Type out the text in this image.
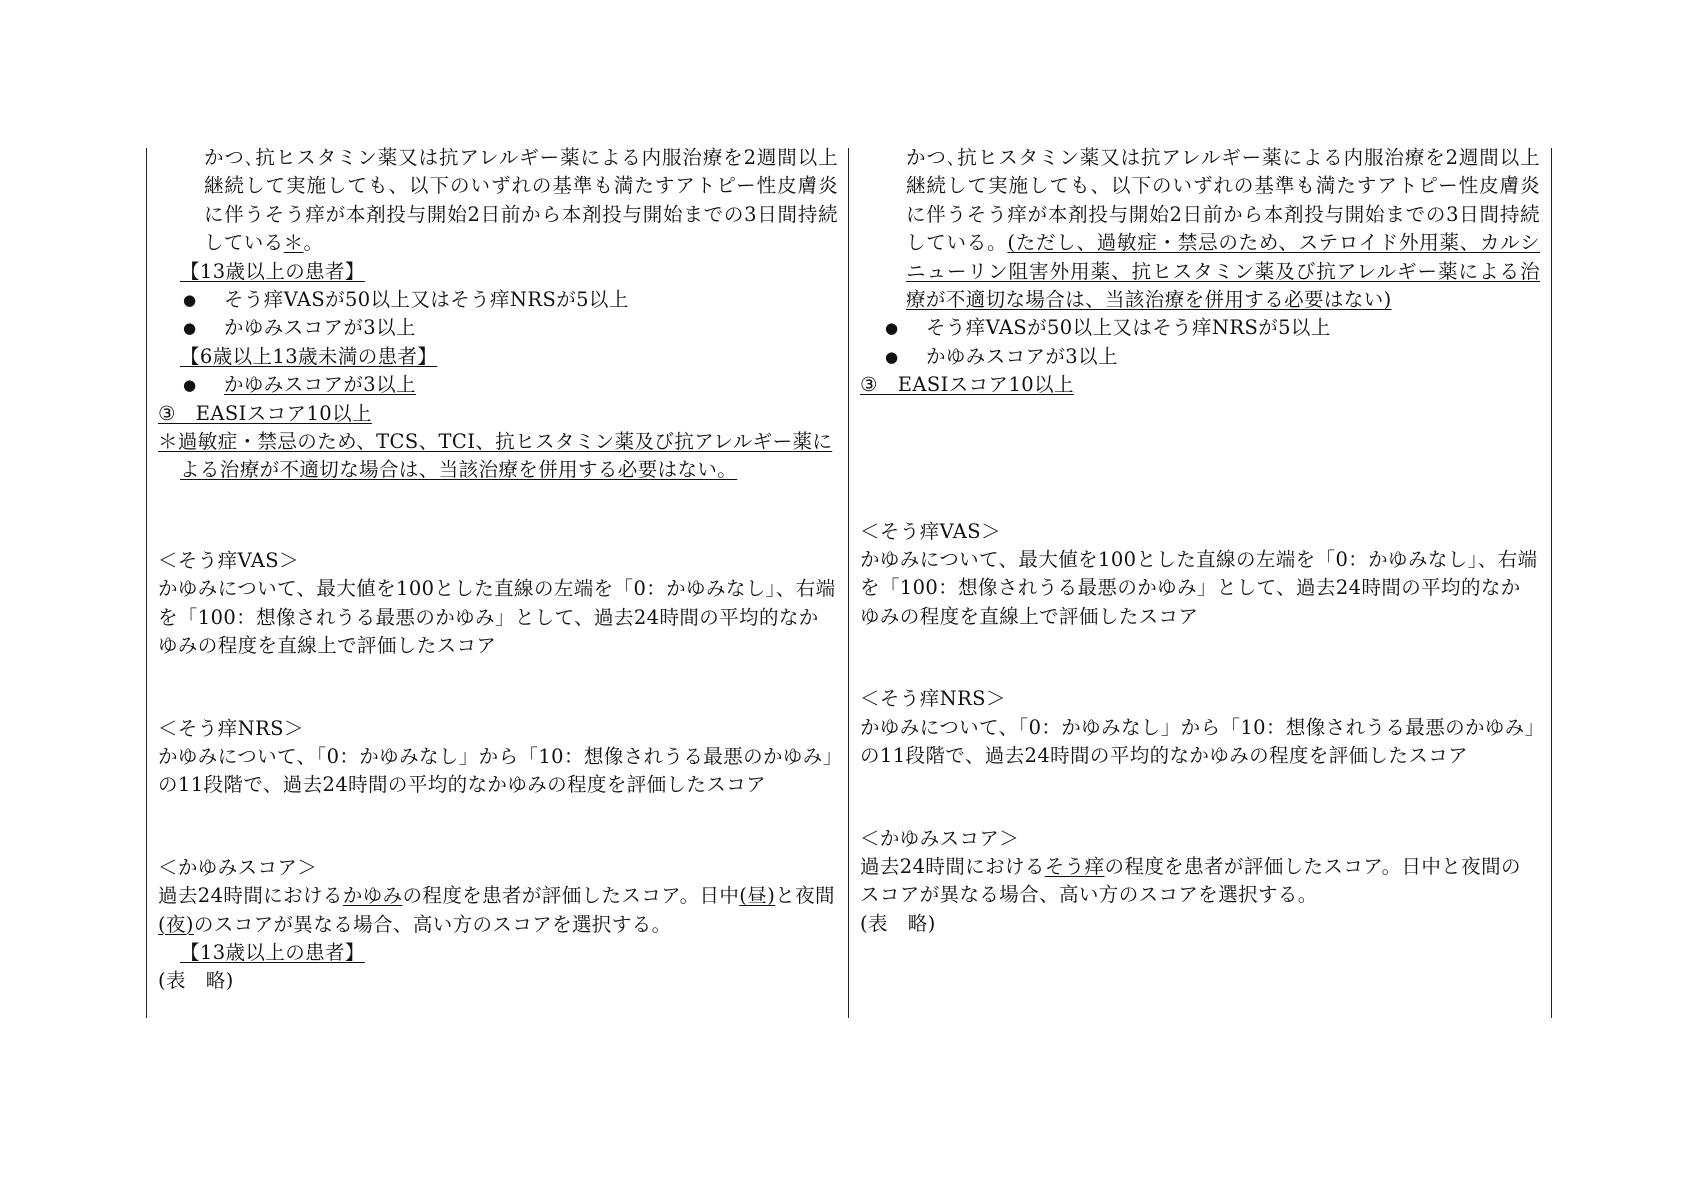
かつ､抗ヒスタミン薬又は抗アレルギー薬による内服治療を2週間以上継続して実施しても、以下のいずれの基準も満たすアトピー性皮膚炎に伴うそう痒が本剤投与開始2日前から本剤投与開始までの3日間持続している＊。
【13歳以上の患者】
● そう痒VASが50以上又はそう痒NRSが5以上
● かゆみスコアが3以上
【6歳以上13歳未満の患者】
● かゆみスコアが3以上
③　EASIスコア10以上
＊過敏症・禁忌のため、TCS、TCI、抗ヒスタミン薬及び抗アレルギー薬による治療が不適切な場合は、当該治療を併用する必要はない。
＜そう痒VAS＞
かゆみについて、最大値を100とした直線の左端を「0：かゆみなし」、右端を「100：想像されうる最悪のかゆみ」として、過去24時間の平均的なかゆみの程度を直線上で評価したスコア
＜そう痒NRS＞
かゆみについて、「0：かゆみなし」から「10：想像されうる最悪のかゆみ」の11段階で、過去24時間の平均的なかゆみの程度を評価したスコア
＜かゆみスコア＞
過去24時間におけるかゆみの程度を患者が評価したスコア。日中(昼)と夜間(夜)のスコアが異なる場合、高い方のスコアを選択する。
【13歳以上の患者】
(表　略)
かつ､抗ヒスタミン薬又は抗アレルギー薬による内服治療を2週間以上継続して実施しても、以下のいずれの基準も満たすアトピー性皮膚炎に伴うそう痒が本剤投与開始2日前から本剤投与開始までの3日間持続している。(ただし、過敏症・禁忌のため、ステロイド外用薬、カルシニューリン阻害外用薬、抗ヒスタミン薬及び抗アレルギー薬による治療が不適切な場合は、当該治療を併用する必要はない)
● そう痒VASが50以上又はそう痒NRSが5以上
● かゆみスコアが3以上
③　EASIスコア10以上
＜そう痒VAS＞
かゆみについて、最大値を100とした直線の左端を「0：かゆみなし」、右端を「100：想像されうる最悪のかゆみ」として、過去24時間の平均的なかゆみの程度を直線上で評価したスコア
＜そう痒NRS＞
かゆみについて、「0：かゆみなし」から「10：想像されうる最悪のかゆみ」の11段階で、過去24時間の平均的なかゆみの程度を評価したスコア
＜かゆみスコア＞
過去24時間におけるそう痒の程度を患者が評価したスコア。日中と夜間のスコアが異なる場合、高い方のスコアを選択する。
(表　略)
